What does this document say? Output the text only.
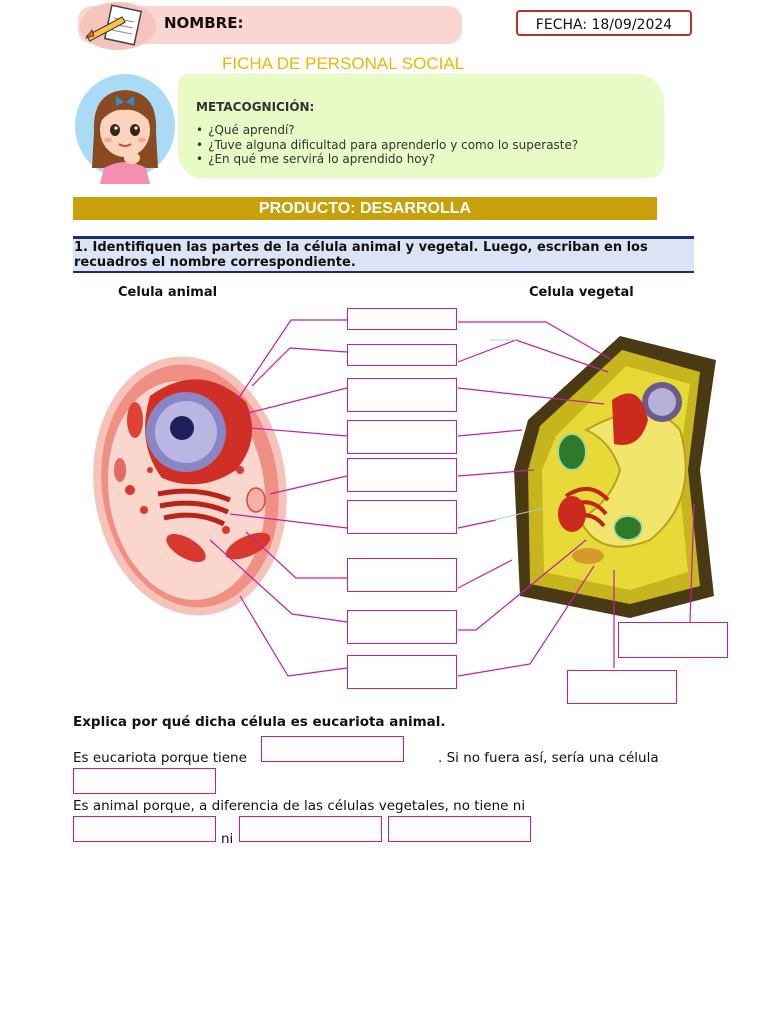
NOMBRE:	FECHA: 18/09/2024
FICHA DE PERSONAL SOCIAL
METACOGNICIÓN:
• ¿Qué aprendí?
• ¿Tuve alguna dificultad para aprenderlo y como lo superaste?
• ¿En qué me servirá lo aprendido hoy?
PRODUCTO: DESARROLLA
1. Identifiquen las partes de la célula animal y vegetal. Luego, escriban en los recuadros el nombre correspondiente.
Celula animal	Celula vegetal
Explica por qué dicha célula es eucariota animal.
Es eucariota porque tiene	. Si no fuera así, sería una célula
Es animal porque, a diferencia de las células vegetales, no tiene ni
ni
